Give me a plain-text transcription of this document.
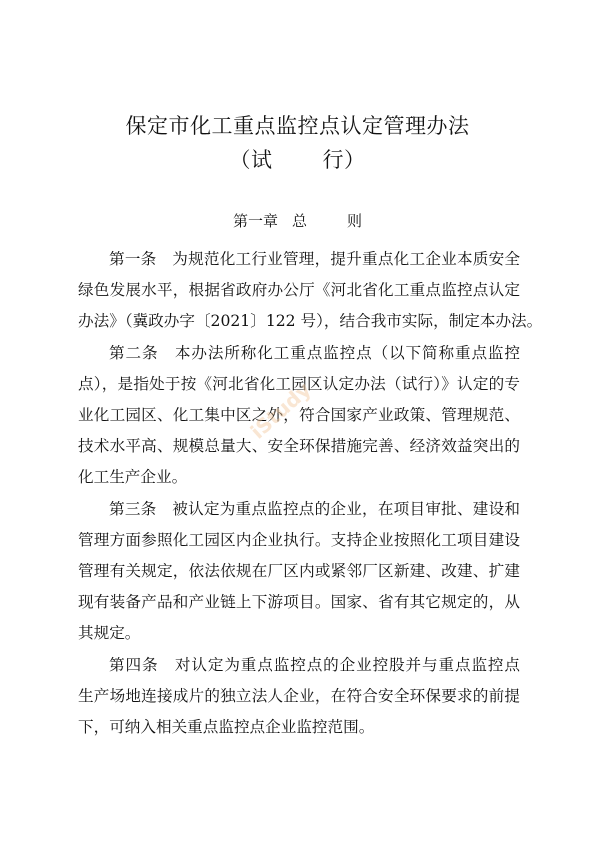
保定市化工重点监控点认定管理办法
（试 行）
第一章 总	则
第一条　为规范化工行业管理，提升重点化工企业本质安全
绿色发展水平，根据省政府办公厅《河北省化工重点监控点认定
办法》（冀政办字〔2021〕122 号），结合我市实际，制定本办法。
第二条　本办法所称化工重点监控点（以下简称重点监控
点），是指处于按《河北省化工园区认定办法（试行）》认定的专
业化工园区、化工集中区之外，符合国家产业政策、管理规范、
技术水平高、规模总量大、安全环保措施完善、经济效益突出的
化工生产企业。
第三条　被认定为重点监控点的企业，在项目审批、建设和
管理方面参照化工园区内企业执行。支持企业按照化工项目建设
管理有关规定，依法依规在厂区内或紧邻厂区新建、改建、扩建
现有装备产品和产业链上下游项目。国家、省有其它规定的，从
其规定。
第四条　对认定为重点监控点的企业控股并与重点监控点
生产场地连接成片的独立法人企业，在符合安全环保要求的前提
下，可纳入相关重点监控点企业监控范围。
iStudy
